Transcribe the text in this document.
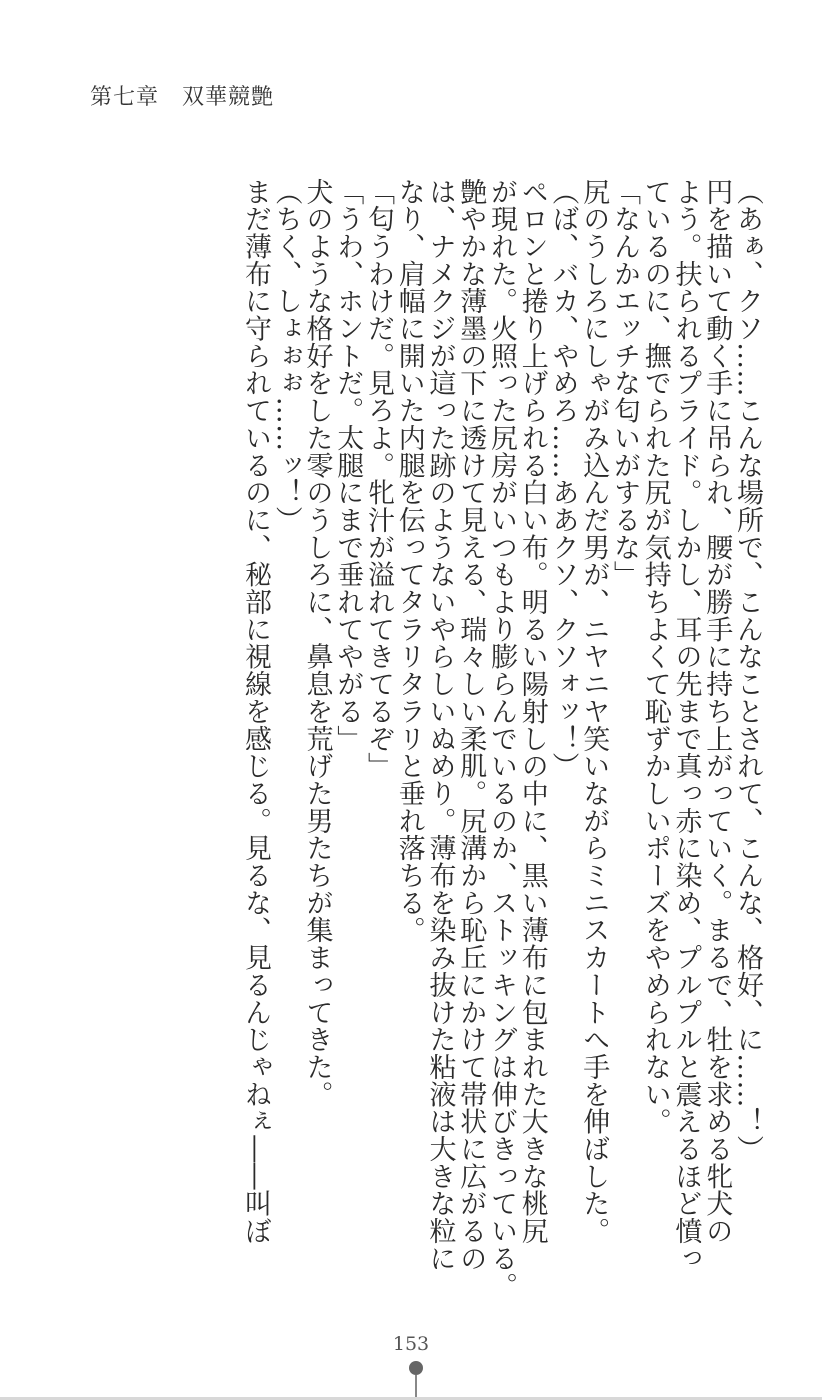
第七章　双華競艶
（あぁ、クソ……こんな場所で、こんなことされて、こんな、格好、に……！）
円を描いて動く手に吊られ、腰が勝手に持ち上がっていく。まるで、牡を求める牝犬の
よう。扶られるプライド。しかし、耳の先まで真っ赤に染め、プルプルと震えるほど憤っ
ているのに、撫でられた尻が気持ちよくて恥ずかしいポーズをやめられない。
「なんかエッチな匂いがするな」
尻のうしろにしゃがみ込んだ男が、ニヤニヤ笑いながらミニスカートへ手を伸ばした。
（ば、バカ、やめろ……ああクソ、クソォッ！）
ペロンと捲り上げられる白い布。明るい陽射しの中に、黒い薄布に包まれた大きな桃尻
が現れた。火照った尻房がいつもより膨らんでいるのか、ストッキングは伸びきっている。
艶やかな薄墨の下に透けて見える、瑞々しい柔肌。尻溝から恥丘にかけて帯状に広がるの
は、ナメクジが這った跡のようないやらしいぬめり。薄布を染み抜けた粘液は大きな粒に
なり、肩幅に開いた内腿を伝ってタラリタラリと垂れ落ちる。
「匂うわけだ。見ろよ。牝汁が溢れてきてるぞ」
「うわ、ホントだ。太腿にまで垂れてやがる」
犬のような格好をした零のうしろに、鼻息を荒げた男たちが集まってきた。
（ちく、しょぉぉ……ッ！）
まだ薄布に守られているのに、秘部に視線を感じる。見るな、見るんじゃねぇ――叫ぼ
153
